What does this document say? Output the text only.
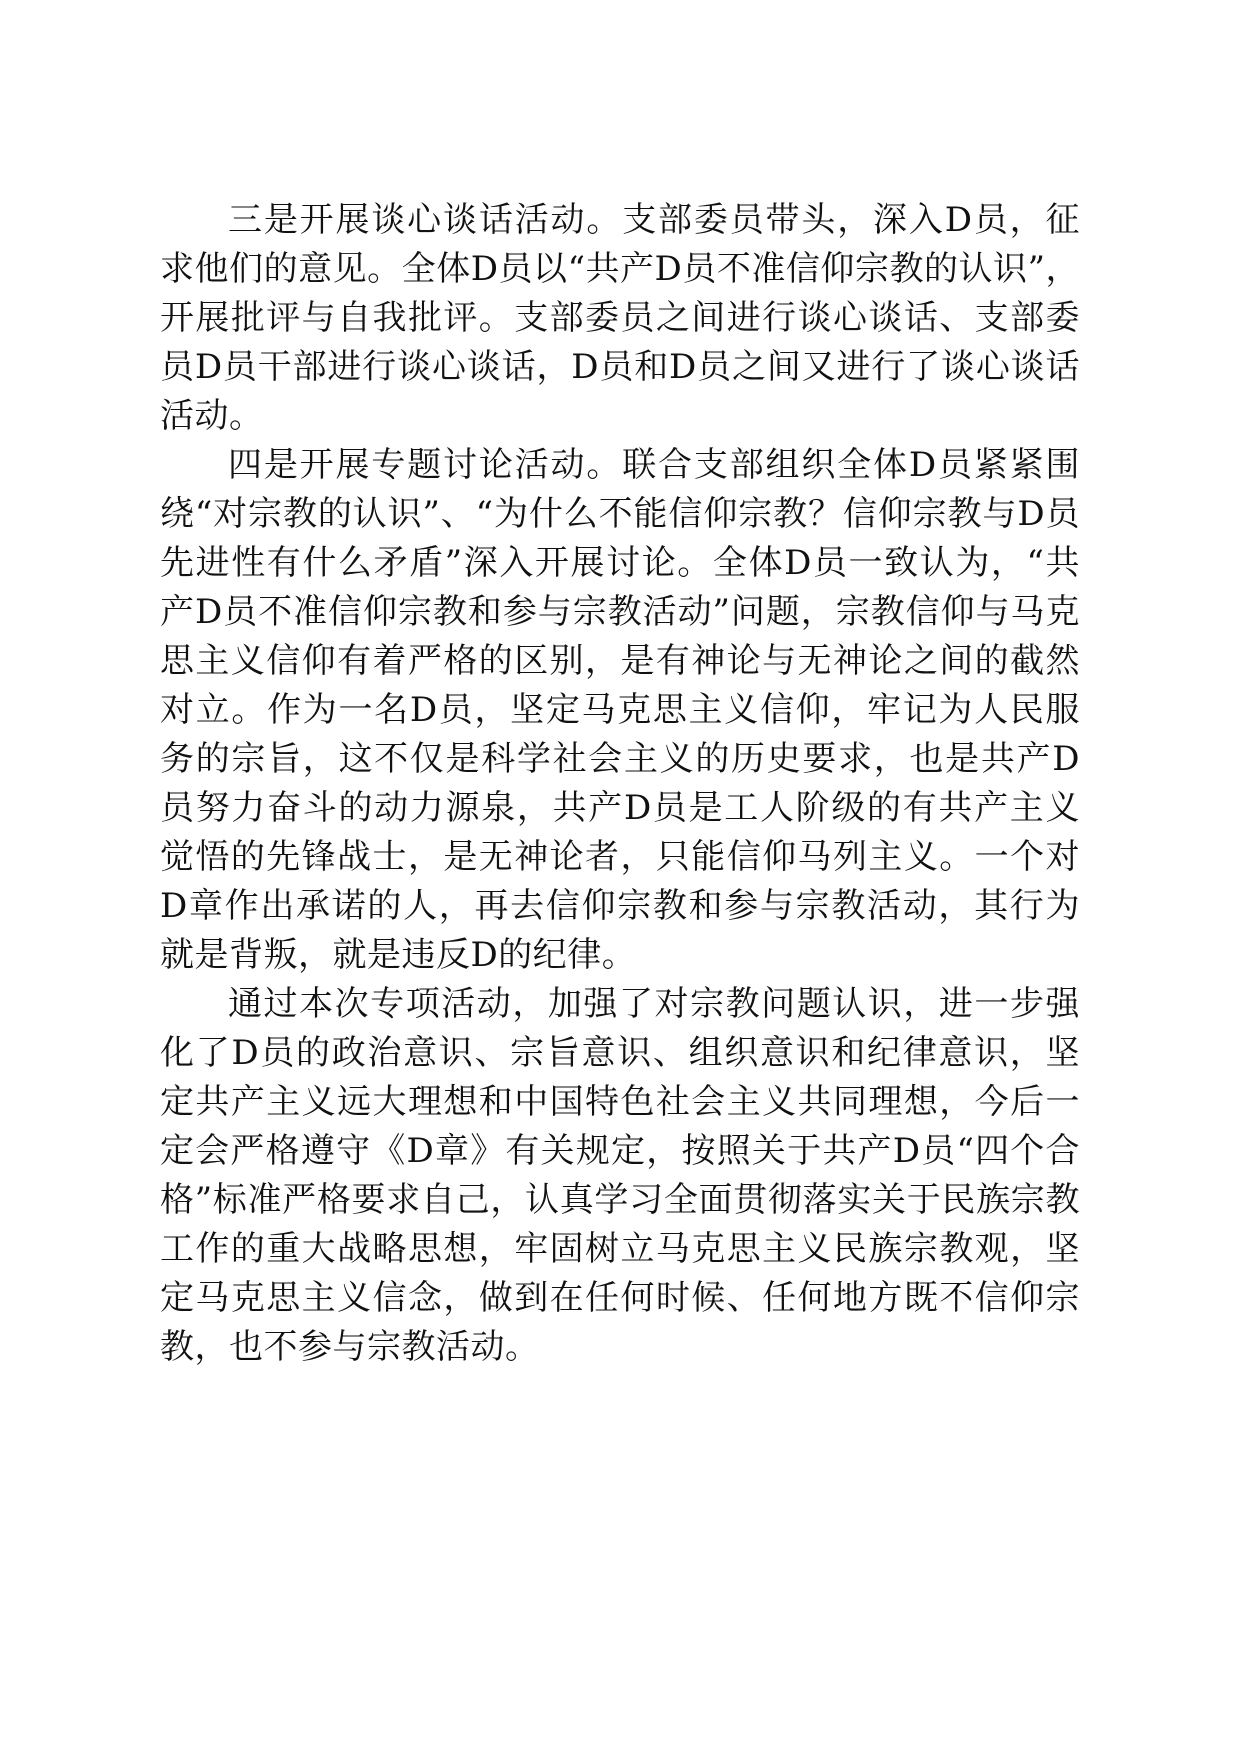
三是开展谈心谈话活动。支部委员带头，深入D员，征求他们的意见。全体D员以“共产D员不准信仰宗教的认识”，开展批评与自我批评。支部委员之间进行谈心谈话、支部委员D员干部进行谈心谈话，D员和D员之间又进行了谈心谈话活动。

四是开展专题讨论活动。联合支部组织全体D员紧紧围绕“对宗教的认识”、“为什么不能信仰宗教？信仰宗教与D员先进性有什么矛盾”深入开展讨论。全体D员一致认为，“共产D员不准信仰宗教和参与宗教活动”问题，宗教信仰与马克思主义信仰有着严格的区别，是有神论与无神论之间的截然对立。作为一名D员，坚定马克思主义信仰，牢记为人民服务的宗旨，这不仅是科学社会主义的历史要求，也是共产D员努力奋斗的动力源泉，共产D员是工人阶级的有共产主义觉悟的先锋战士，是无神论者，只能信仰马列主义。一个对D章作出承诺的人，再去信仰宗教和参与宗教活动，其行为就是背叛，就是违反D的纪律。

通过本次专项活动，加强了对宗教问题认识，进一步强化了D员的政治意识、宗旨意识、组织意识和纪律意识，坚定共产主义远大理想和中国特色社会主义共同理想，今后一定会严格遵守《D章》有关规定，按照关于共产D员“四个合格”标准严格要求自己，认真学习全面贯彻落实关于民族宗教工作的重大战略思想，牢固树立马克思主义民族宗教观，坚定马克思主义信念，做到在任何时候、任何地方既不信仰宗教，也不参与宗教活动。
